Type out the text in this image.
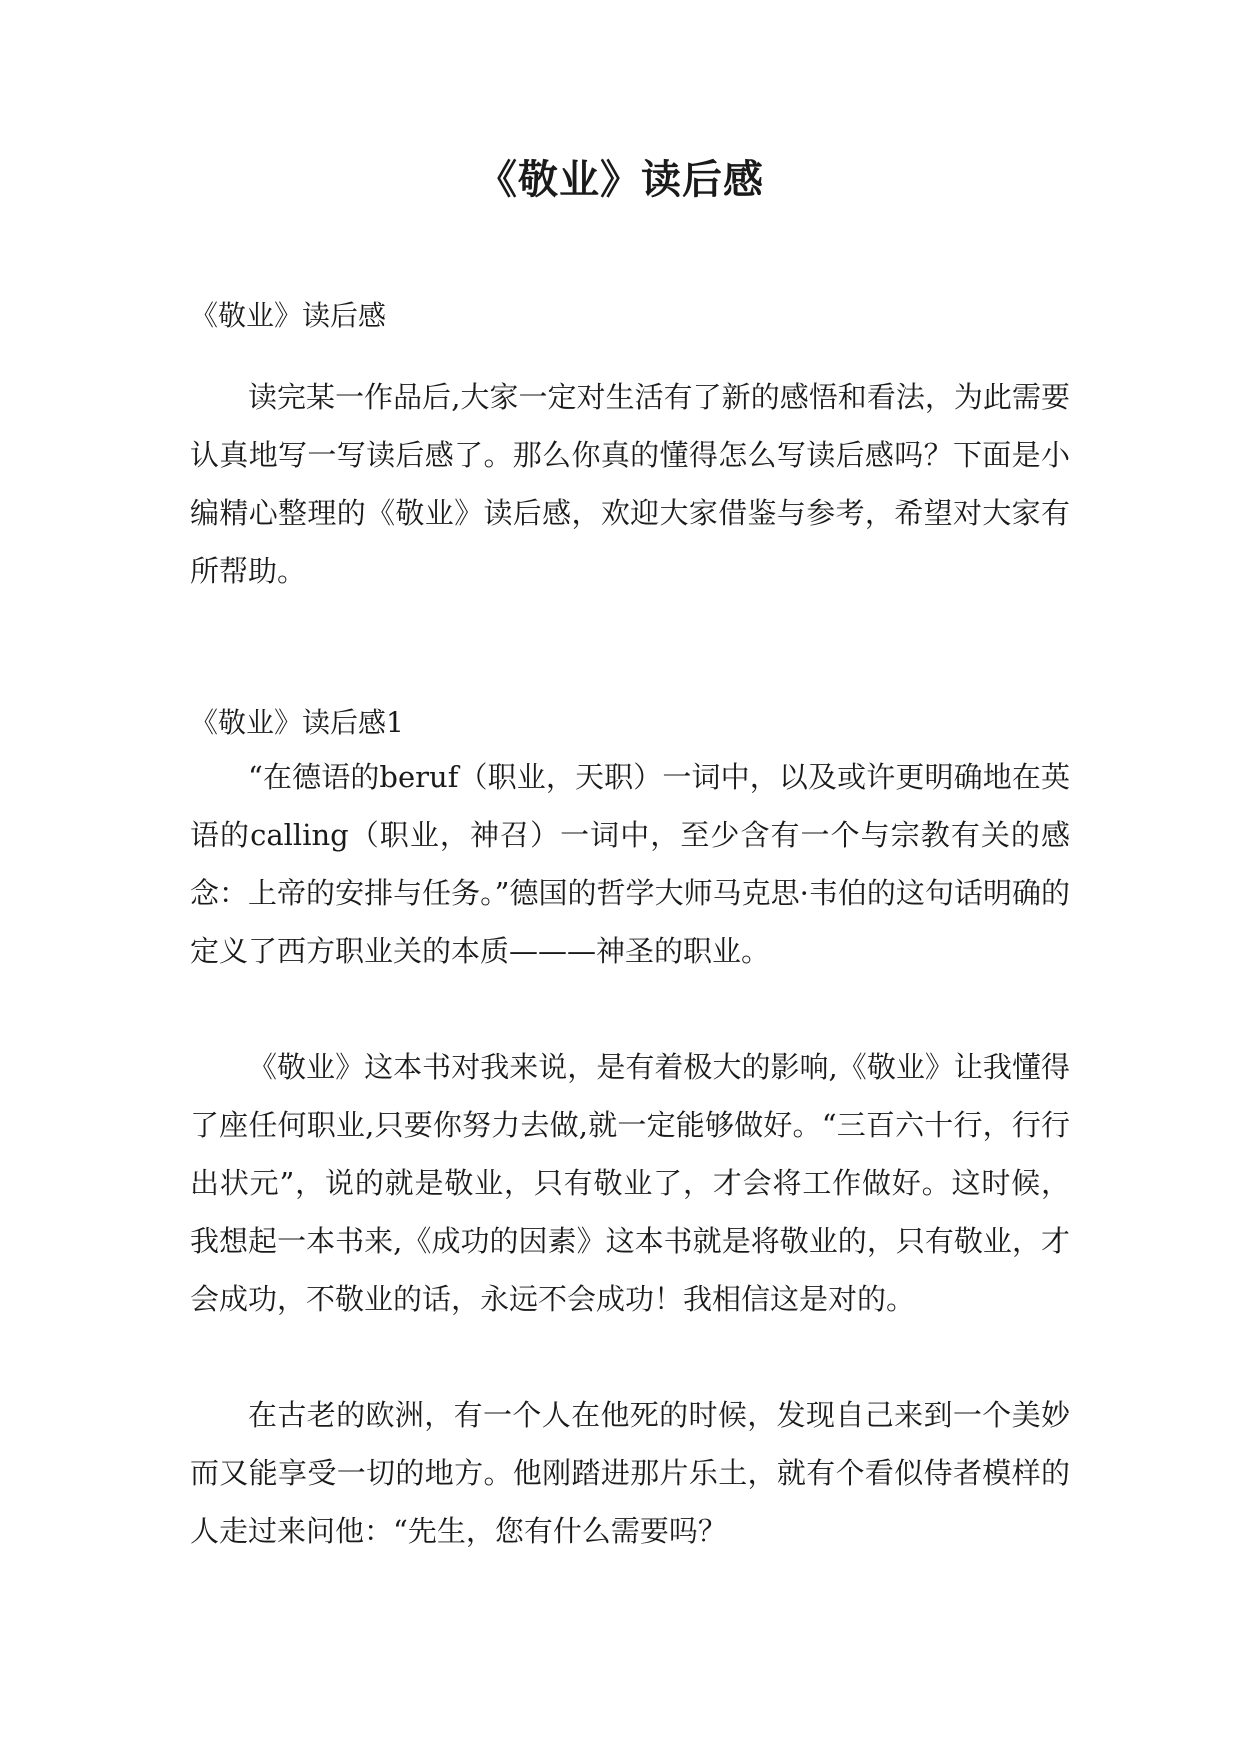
《敬业》读后感

《敬业》读后感

读完某一作品后,大家一定对生活有了新的感悟和看法，为此需要认真地写一写读后感了。那么你真的懂得怎么写读后感吗？下面是小编精心整理的《敬业》读后感，欢迎大家借鉴与参考，希望对大家有所帮助。

《敬业》读后感1

“在德语的beruf（职业，天职）一词中，以及或许更明确地在英语的calling（职业，神召）一词中，至少含有一个与宗教有关的感念：上帝的安排与任务。”德国的哲学大师马克思·韦伯的这句话明确的定义了西方职业关的本质———神圣的职业。

《敬业》这本书对我来说，是有着极大的影响,《敬业》让我懂得了座任何职业,只要你努力去做,就一定能够做好。“三百六十行，行行出状元”，说的就是敬业，只有敬业了，才会将工作做好。这时候，我想起一本书来,《成功的因素》这本书就是将敬业的，只有敬业，才会成功，不敬业的话，永远不会成功！我相信这是对的。

在古老的欧洲，有一个人在他死的时候，发现自己来到一个美妙而又能享受一切的地方。他刚踏进那片乐土，就有个看似侍者模样的人走过来问他：“先生，您有什么需要吗？
